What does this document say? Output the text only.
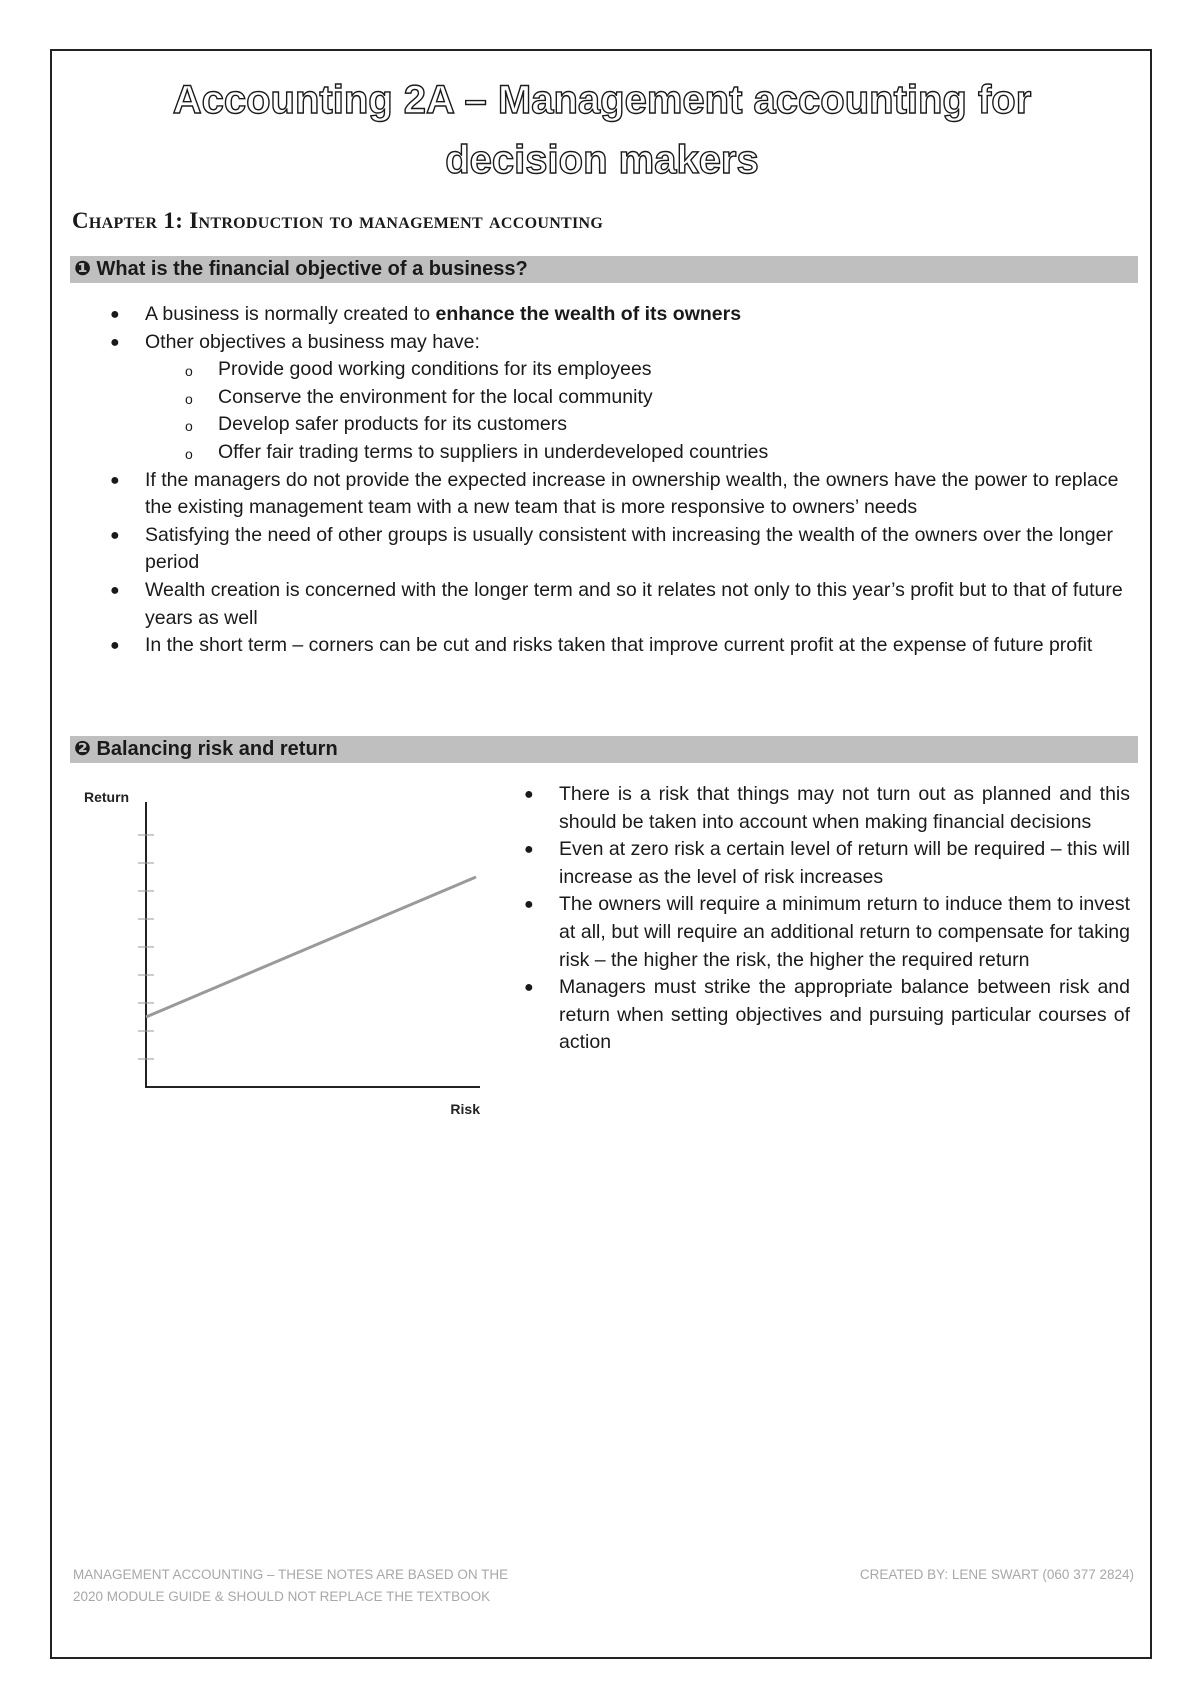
Accounting 2A – Management accounting for
decision makers
Chapter 1: Introduction to management accounting
❶ What is the financial objective of a business?
● A business is normally created to enhance the wealth of its owners
● Other objectives a business may have:
o Provide good working conditions for its employees
o Conserve the environment for the local community
o Develop safer products for its customers
o Offer fair trading terms to suppliers in underdeveloped countries
● If the managers do not provide the expected increase in ownership wealth, the owners have the power to replace the existing management team with a new team that is more responsive to owners’ needs
● Satisfying the need of other groups is usually consistent with increasing the wealth of the owners over the longer period
● Wealth creation is concerned with the longer term and so it relates not only to this year’s profit but to that of future years as well
● In the short term – corners can be cut and risks taken that improve current profit at the expense of future profit
❷ Balancing risk and return
Return
Risk
● There is a risk that things may not turn out as planned and this should be taken into account when making financial decisions
● Even at zero risk a certain level of return will be required – this will increase as the level of risk increases
● The owners will require a minimum return to induce them to invest at all, but will require an additional return to compensate for taking risk – the higher the risk, the higher the required return
● Managers must strike the appropriate balance between risk and return when setting objectives and pursuing particular courses of action
MANAGEMENT ACCOUNTING – THESE NOTES ARE BASED ON THE
2020 MODULE GUIDE & SHOULD NOT REPLACE THE TEXTBOOK
CREATED BY: LENE SWART (060 377 2824)
